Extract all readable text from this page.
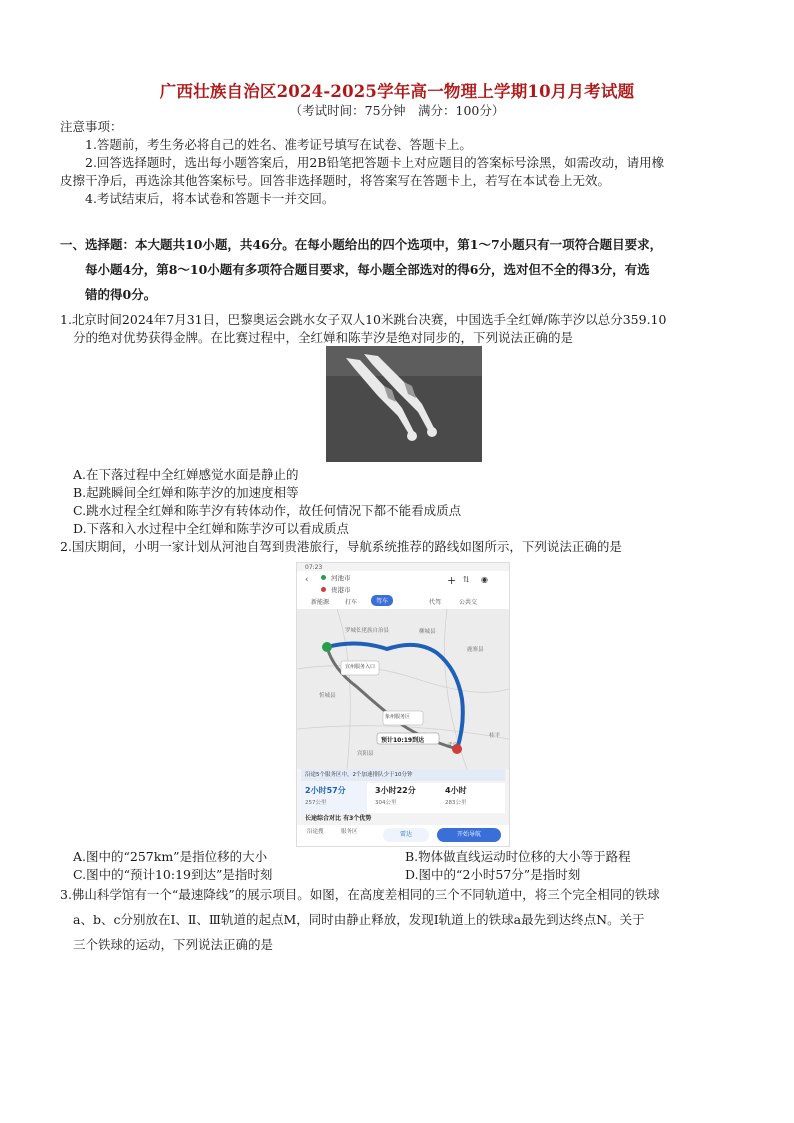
广西壮族自治区2024-2025学年高一物理上学期10月月考试题
（考试时间：75分钟　满分：100分）
注意事项：
1.答题前，考生务必将自己的姓名、准考证号填写在试卷、答题卡上。
2.回答选择题时，选出每小题答案后，用2B铅笔把答题卡上对应题目的答案标号涂黑，如需改动，请用橡
皮擦干净后，再选涂其他答案标号。回答非选择题时，将答案写在答题卡上，若写在本试卷上无效。
4.考试结束后，将本试卷和答题卡一并交回。
一、选择题：本大题共10小题，共46分。在每小题给出的四个选项中，第1～7小题只有一项符合题目要求，
每小题4分，第8～10小题有多项符合题目要求，每小题全部选对的得6分，选对但不全的得3分，有选
错的得0分。
1.北京时间2024年7月31日，巴黎奥运会跳水女子双人10米跳台决赛，中国选手全红婵/陈芋汐以总分359.10
分的绝对优势获得金牌。在比赛过程中，全红婵和陈芋汐是绝对同步的，下列说法正确的是
A.在下落过程中全红婵感觉水面是静止的
B.起跳瞬间全红婵和陈芋汐的加速度相等
C.跳水过程全红婵和陈芋汐有转体动作，故任何情况下都不能看成质点
D.下落和入水过程中全红婵和陈芋汐可以看成质点
2.国庆期间，小明一家计划从河池自驾到贵港旅行，导航系统推荐的路线如图所示，下列说法正确的是
07:23
‹	河池市
贵港市
+ ⇅ ◉
新能源	打车	驾车	代驾	公共交
罗城仫佬族自治县	柳城县
鹿寨县
忻城县
象州服务区
宾阳县
武宣
桂平
宜州服务入口
预计10:19到达
沿途5个服务区中，2个加速排队少于10分钟
2小时57分
257公里
3小时22分
304公里
4小时
283公里
长途综合对比 有3个优势
沿途搜	服务区	雷达	开始导航
A.图中的“257km”是指位移的大小	B.物体做直线运动时位移的大小等于路程
C.图中的“预计10:19到达”是指时刻	D.图中的“2小时57分”是指时刻
3.佛山科学馆有一个“最速降线”的展示项目。如图，在高度差相同的三个不同轨道中，将三个完全相同的铁球
a、b、c分别放在Ⅰ、Ⅱ、Ⅲ轨道的起点M，同时由静止释放，发现Ⅰ轨道上的铁球a最先到达终点N。关于
三个铁球的运动，下列说法正确的是
